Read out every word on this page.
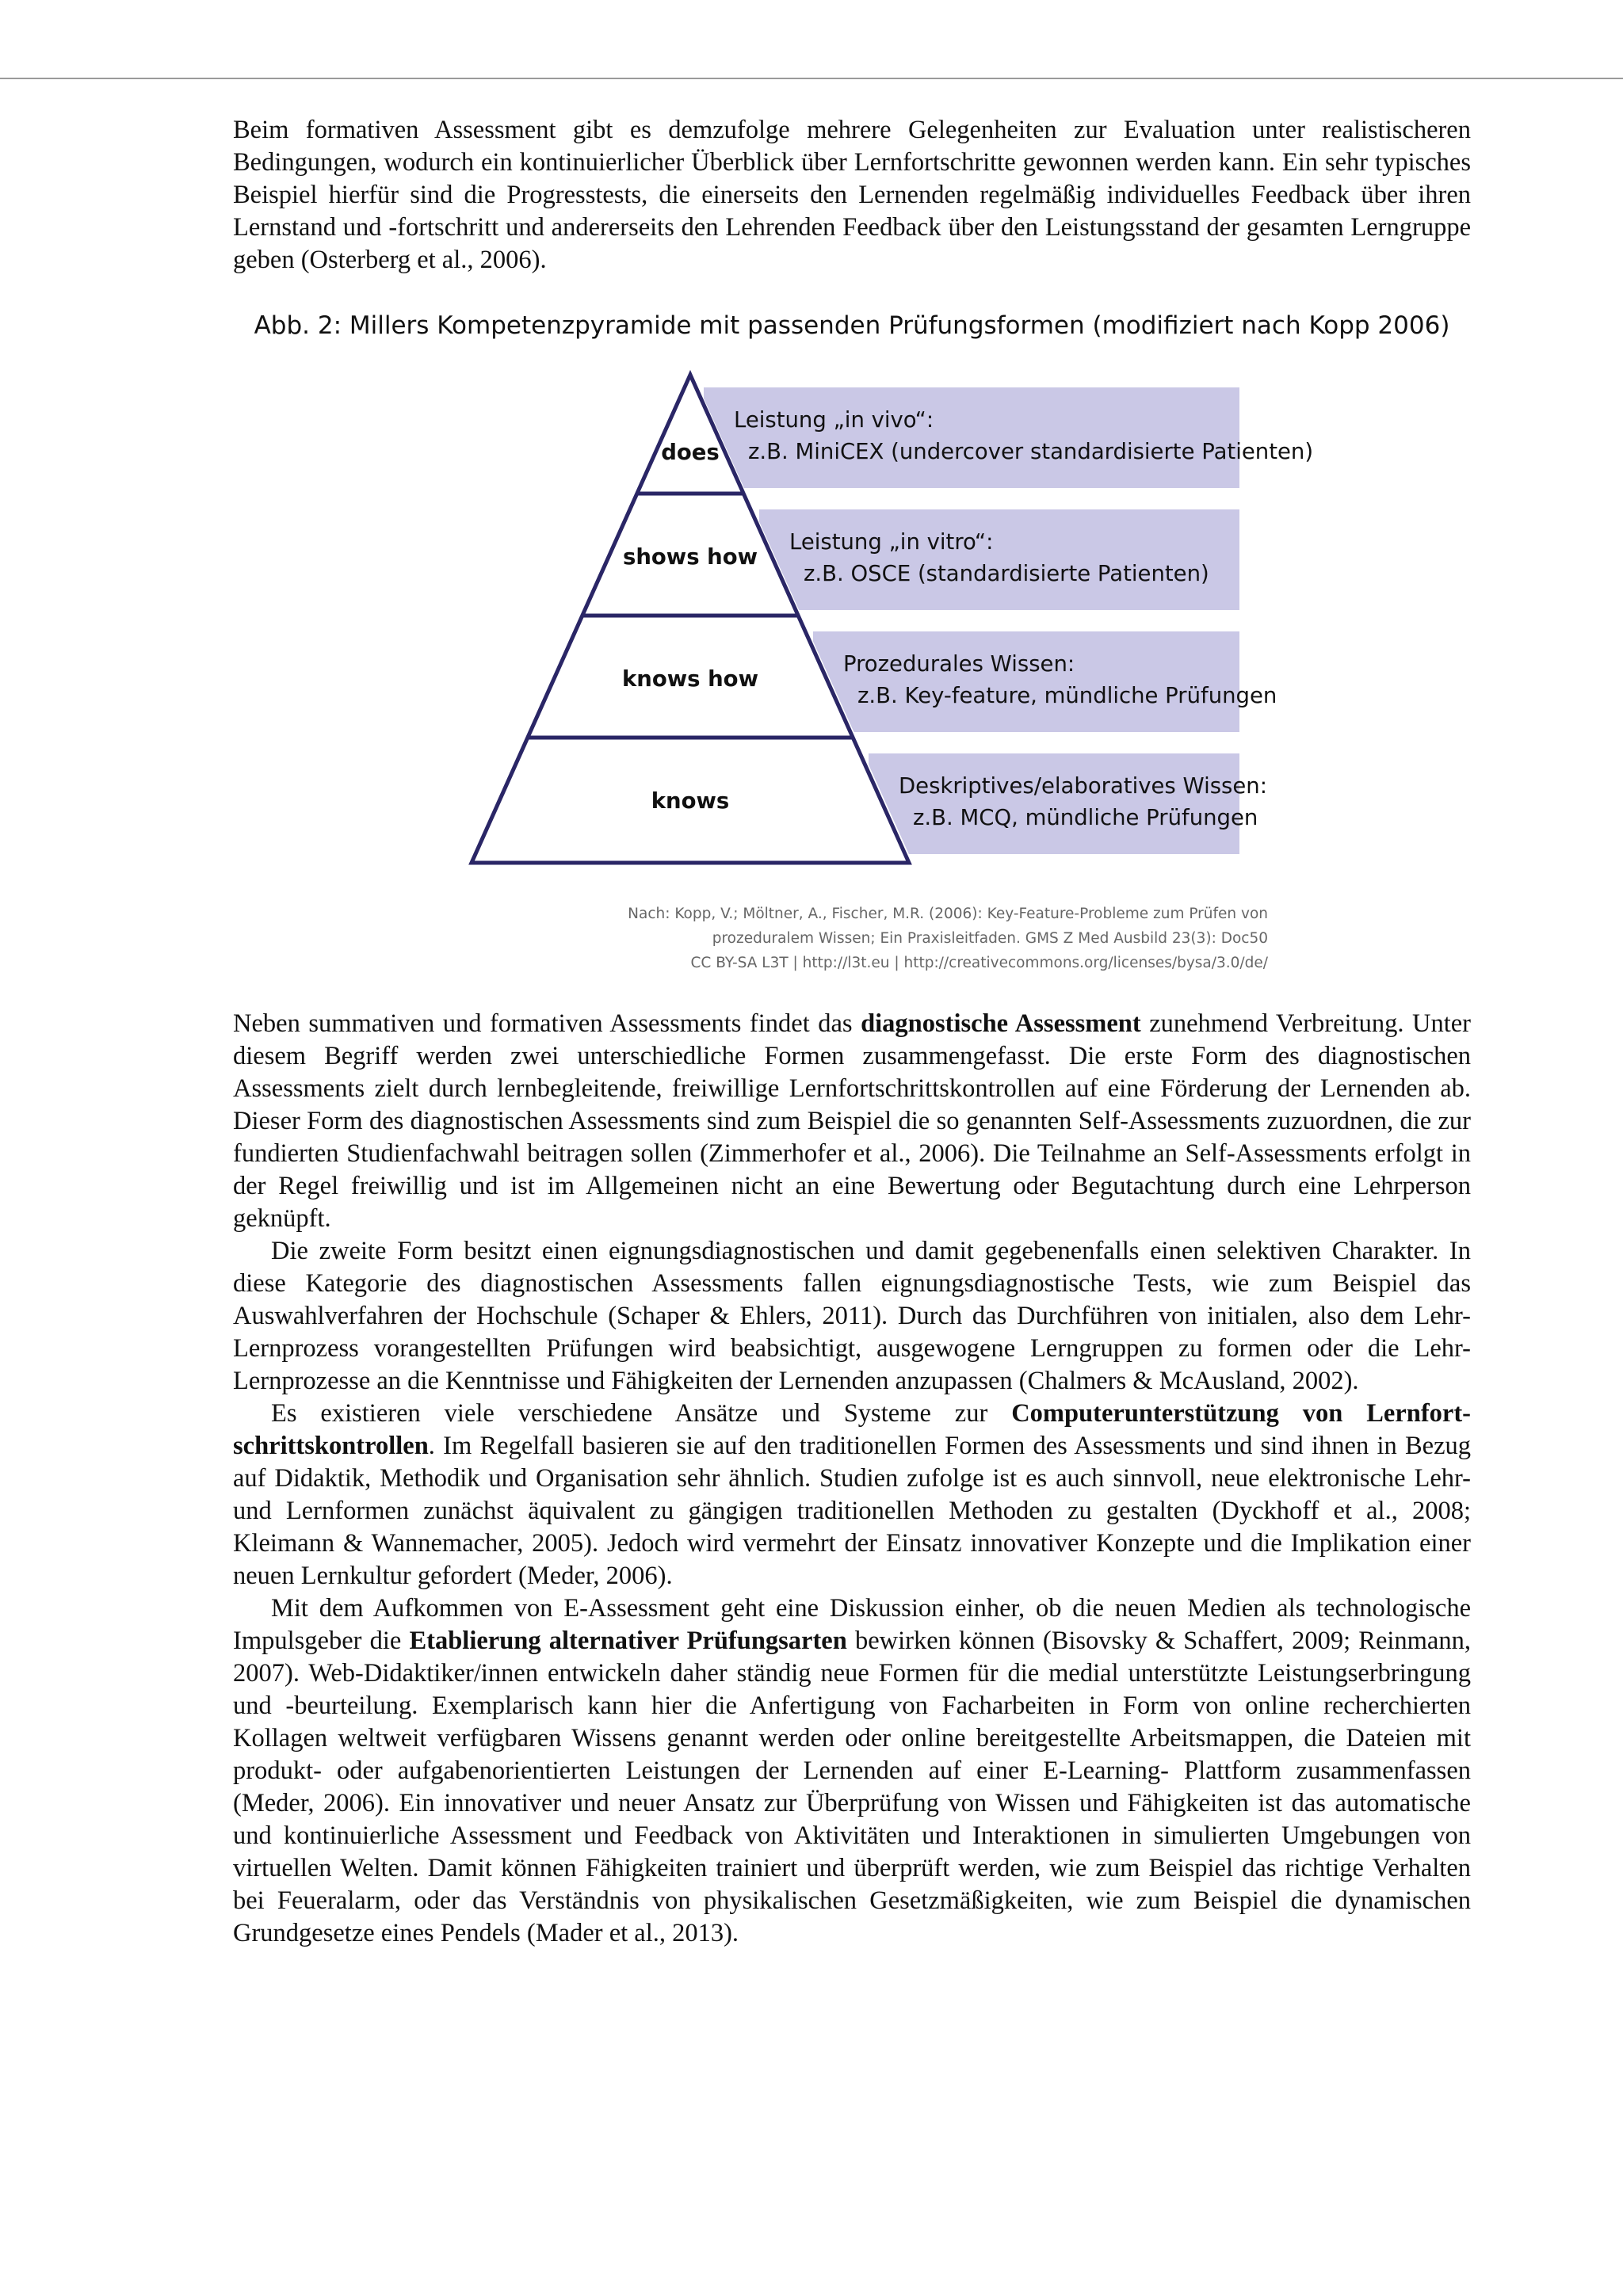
Beim formativen Assessment gibt es demzufolge mehrere Gelegenheiten zur Evaluation unter realistischeren Bedingungen, wodurch ein kontinuierlicher Überblick über Lernfortschritte gewonnen werden kann. Ein sehr typisches Beispiel hierfür sind die Progresstests, die einerseits den Lernenden regelmäßig individuelles Feedback über ihren Lernstand und -fortschritt und andererseits den Lehrenden Feedback über den Leistungsstand der gesamten Lerngruppe geben (Osterberg et al., 2006).

Abb. 2: Millers Kompetenzpyramide mit passenden Prüfungsformen (modifiziert nach Kopp 2006)
does
shows how
knows how
knows
Leistung „in vivo“:
z.B. MiniCEX (undercover standardisierte Patienten)
Leistung „in vitro“:
z.B. OSCE (standardisierte Patienten)
Prozedurales Wissen:
z.B. Key-feature, mündliche Prüfungen
Deskriptives/elaboratives Wissen:
z.B. MCQ, mündliche Prüfungen
Nach: Kopp, V.; Möltner, A., Fischer, M.R. (2006): Key-Feature-Probleme zum Prüfen von
prozeduralem Wissen; Ein Praxisleitfaden. GMS Z Med Ausbild 23(3): Doc50
CC BY-SA L3T | http://l3t.eu | http://creativecommons.org/licenses/bysa/3.0/de/

Neben summativen und formativen Assessments findet das diagnostische Assessment zunehmend Verbreitung. Unter diesem Begriff werden zwei unterschiedliche Formen zusammengefasst. Die erste Form des diagnostischen Assessments zielt durch lernbegleitende, freiwillige Lernfortschrittskontrollen auf eine Förderung der Lernenden ab. Dieser Form des diagnostischen Assessments sind zum Beispiel die so genannten Self-Assessments zuzuordnen, die zur fundierten Studienfachwahl beitragen sollen (Zimmerhofer et al., 2006). Die Teilnahme an Self-Assessments erfolgt in der Regel freiwillig und ist im Allgemeinen nicht an eine Bewertung oder Begutachtung durch eine Lehrperson geknüpft.

Die zweite Form besitzt einen eignungsdiagnostischen und damit gegebenenfalls einen selektiven Charakter. In diese Kategorie des diagnostischen Assessments fallen eignungsdiagnostische Tests, wie zum Beispiel das Auswahlverfahren der Hochschule (Schaper & Ehlers, 2011). Durch das Durchführen von initialen, also dem Lehr-Lernprozess vorangestellten Prüfungen wird beabsichtigt, ausgewogene Lerngruppen zu formen oder die Lehr-Lernprozesse an die Kenntnisse und Fähigkeiten der Lernenden anzupassen (Chalmers & McAusland, 2002).

Es existieren viele verschiedene Ansätze und Systeme zur Computerunterstützung von Lernfortschrittskontrollen. Im Regelfall basieren sie auf den traditionellen Formen des Assessments und sind ihnen in Bezug auf Didaktik, Methodik und Organisation sehr ähnlich. Studien zufolge ist es auch sinnvoll, neue elektronische Lehr- und Lernformen zunächst äquivalent zu gängigen traditionellen Methoden zu gestalten (Dyckhoff et al., 2008; Kleimann & Wannemacher, 2005). Jedoch wird vermehrt der Einsatz innovativer Konzepte und die Implikation einer neuen Lernkultur gefordert (Meder, 2006).

Mit dem Aufkommen von E-Assessment geht eine Diskussion einher, ob die neuen Medien als technologische Impulsgeber die Etablierung alternativer Prüfungsarten bewirken können (Bisovsky & Schaffert, 2009; Reinmann, 2007). Web-Didaktiker/innen entwickeln daher ständig neue Formen für die medial unterstützte Leistungserbringung und -beurteilung. Exemplarisch kann hier die Anfertigung von Facharbeiten in Form von online recherchierten Kollagen weltweit verfügbaren Wissens genannt werden oder online bereitgestellte Arbeitsmappen, die Dateien mit produkt- oder aufgabenorientierten Leistungen der Lernenden auf einer E-Learning- Plattform zusammenfassen (Meder, 2006). Ein innovativer und neuer Ansatz zur Überprüfung von Wissen und Fähigkeiten ist das automatische und kontinuierliche Assessment und Feedback von Aktivitäten und Interaktionen in simulierten Umgebungen von virtuellen Welten. Damit können Fähigkeiten trainiert und überprüft werden, wie zum Beispiel das richtige Verhalten bei Feueralarm, oder das Verständnis von physikalischen Gesetzmäßigkeiten, wie zum Beispiel die dynamischen Grundgesetze eines Pendels (Mader et al., 2013).
